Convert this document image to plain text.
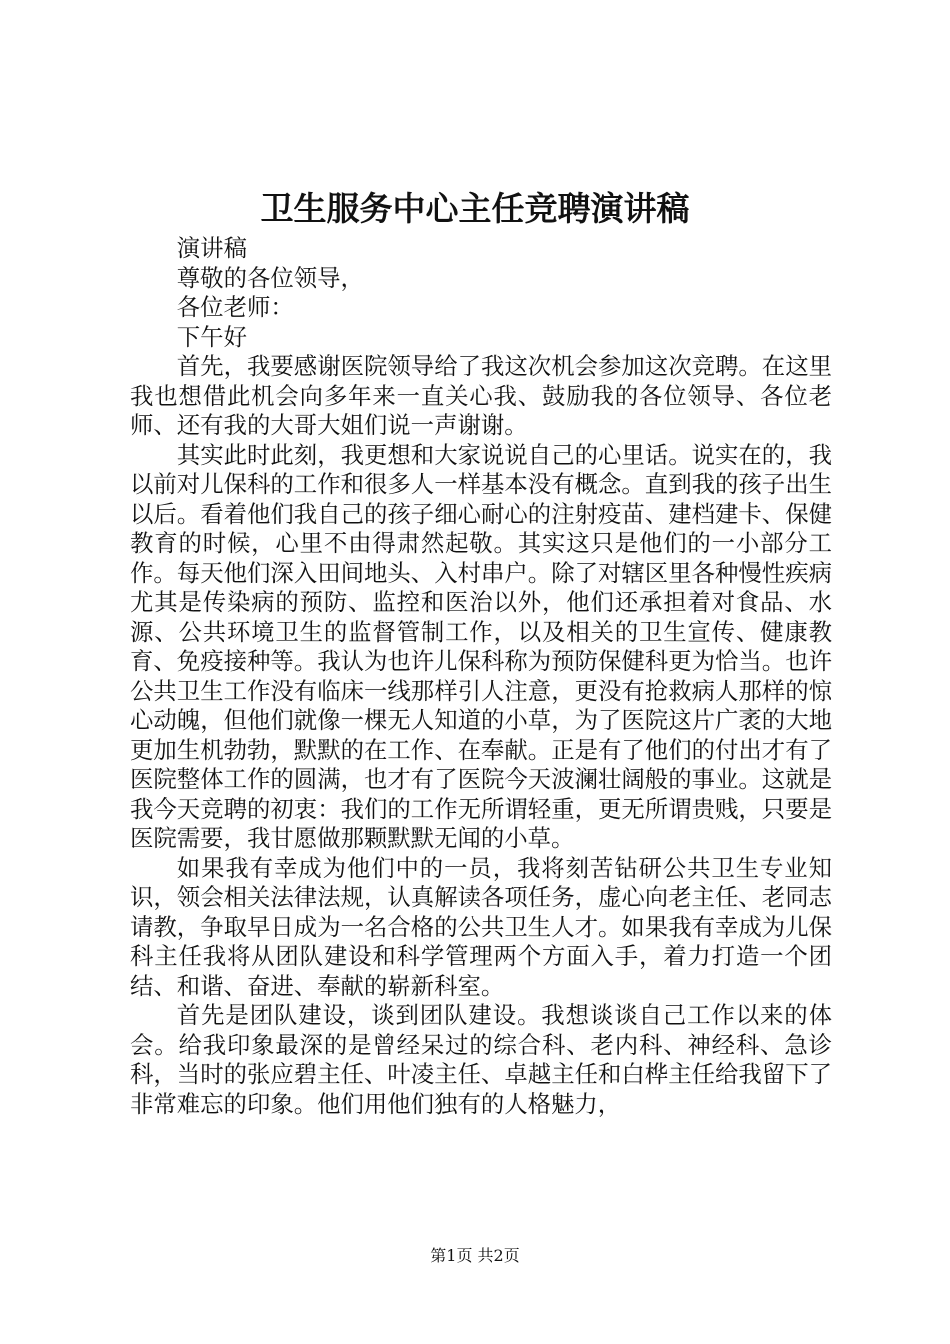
卫生服务中心主任竞聘演讲稿

演讲稿

尊敬的各位领导，

各位老师：

下午好

首先，我要感谢医院领导给了我这次机会参加这次竞聘。在这里我也想借此机会向多年来一直关心我、鼓励我的各位领导、各位老师、还有我的大哥大姐们说一声谢谢。

其实此时此刻，我更想和大家说说自己的心里话。说实在的，我以前对儿保科的工作和很多人一样基本没有概念。直到我的孩子出生以后。看着他们我自己的孩子细心耐心的注射疫苗、建档建卡、保健教育的时候，心里不由得肃然起敬。其实这只是他们的一小部分工作。每天他们深入田间地头、入村串户。除了对辖区里各种慢性疾病尤其是传染病的预防、监控和医治以外，他们还承担着对食品、水源、公共环境卫生的监督管制工作，以及相关的卫生宣传、健康教育、免疫接种等。我认为也许儿保科称为预防保健科更为恰当。也许公共卫生工作没有临床一线那样引人注意，更没有抢救病人那样的惊心动魄，但他们就像一棵无人知道的小草，为了医院这片广袤的大地更加生机勃勃，默默的在工作、在奉献。正是有了他们的付出才有了医院整体工作的圆满，也才有了医院今天波澜壮阔般的事业。这就是我今天竞聘的初衷：我们的工作无所谓轻重，更无所谓贵贱，只要是医院需要，我甘愿做那颗默默无闻的小草。

如果我有幸成为他们中的一员，我将刻苦钻研公共卫生专业知识，领会相关法律法规，认真解读各项任务，虚心向老主任、老同志请教，争取早日成为一名合格的公共卫生人才。如果我有幸成为儿保科主任我将从团队建设和科学管理两个方面入手，着力打造一个团结、和谐、奋进、奉献的崭新科室。

首先是团队建设，谈到团队建设。我想谈谈自己工作以来的体会。给我印象最深的是曾经呆过的综合科、老内科、神经科、急诊科，当时的张应碧主任、叶凌主任、卓越主任和白桦主任给我留下了非常难忘的印象。他们用他们独有的人格魅力，

第1页 共2页
